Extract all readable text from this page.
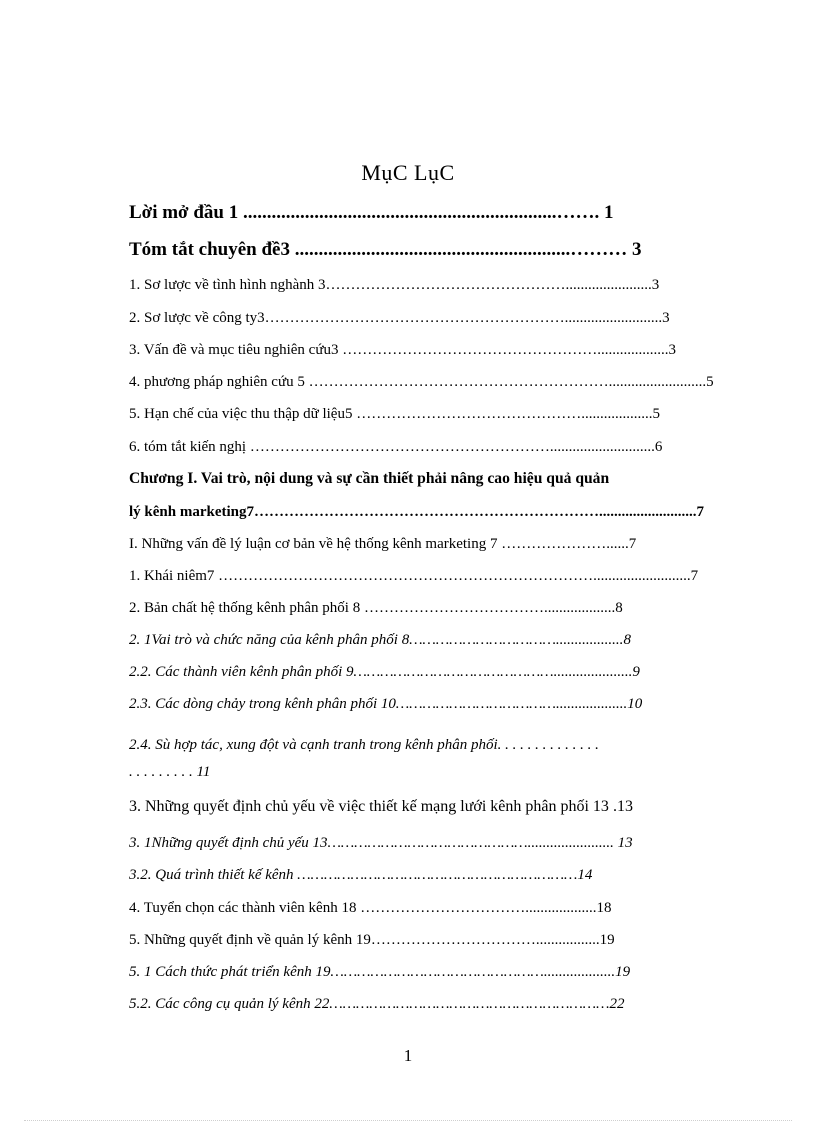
MụC LụC
Lời mở đầu 1 ..................................................................……. 1
Tóm tắt chuyên đề3 ..........................................................……… 3
1. Sơ lược về tình hình nghành 3………………………………………….......................3
2. Sơ lược về công ty3……………………………………………………..........................3
3. Vấn đề và mục tiêu nghiên cứu3 ……………………………………………...................3
4. phương pháp nghiên cứu 5 ……………………………………………………..........................5
5. Hạn chế của việc thu thập dữ liệu5 ………………………………………...................5
6. tóm tắt kiến nghị ……………………………………………………............................6
Chương I. Vai trò, nội dung và sự cần thiết phải nâng cao hiệu quả quản
lý kênh marketing7……………………………………………………………..........................7
I. Những vấn đề lý luận cơ bản về hệ thống kênh marketing 7 …………………......7
1. Khái niêm7 …………………………………………………………………..........................7
2. Bản chất hệ thống kênh phân phối 8 ………………………………...................8
2. 1Vai trò và chức năng của kênh phân phối 8……………………………..................8
2.2. Các thành viên kênh phân phối 9……………………………………….....................9
2.3. Các dòng chảy trong kênh phân phối 10………………………………...................10
2.4. Sù hợp tác, xung đột và cạnh tranh trong kênh phân phối. . . . . . . . . . . . . .
. . . . . . . . . 11
3. Những quyết định chủ yếu về việc thiết kế mạng lưới kênh phân phối 13 .13
3. 1Những quyết định chủ yếu 13………………………………………....................... 13
3.2. Quá trình thiết kế kênh ………………………………………………………14
4. Tuyển chọn các thành viên kênh 18 ……………………………...................18
5. Những quyết định về quản lý kênh 19…………………………….................19
5. 1 Cách thức phát triển kênh 19…………………………………………...................19
5.2. Các công cụ quản lý kênh 22………………………………………………………22
1
